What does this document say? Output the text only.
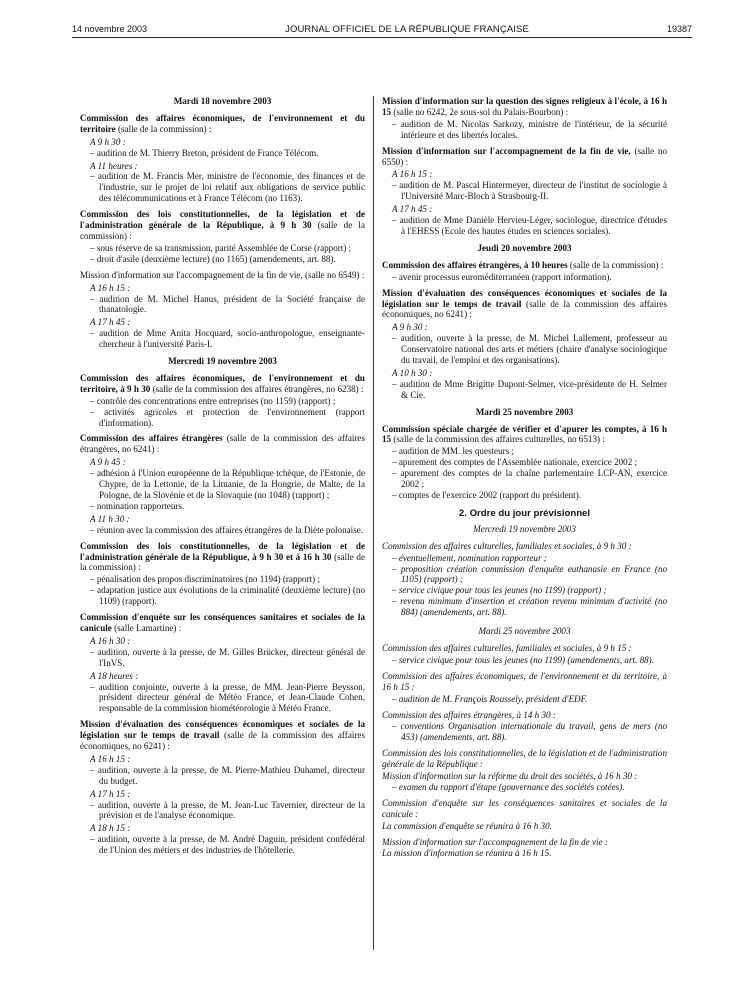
14 novembre 2003	JOURNAL OFFICIEL DE LA RÉPUBLIQUE FRANÇAISE	19387

Mardi 18 novembre 2003

Commission des affaires économiques, de l'environnement et du territoire (salle de la commission) :

A 9 h 30 :

– audition de M. Thierry Breton, président de France Télécom.

A 11 heures :

– audition de M. Francis Mer, ministre de l'économie, des finances et de l'industrie, sur le projet de loi relatif aux obligations de service public des télécommunications et à France Télécom (no 1163).

Commission des lois constitutionnelles, de la législation et de l'administration générale de la République, à 9 h 30 (salle de la commission) :

– sous réserve de sa transmission, parité Assemblée de Corse (rapport) ;

– droit d'asile (deuxième lecture) (no 1165) (amendements, art. 88).

Mission d'information sur l'accompagnement de la fin de vie, (salle no 6549) :

A 16 h 15 :

– audition de M. Michel Hanus, président de la Société française de thanatologie.

A 17 h 45 :

– audition de Mme Anita Hocquard, socio-anthropologue, enseignante-chercheur à l'université Paris-I.

Mercredi 19 novembre 2003

Commission des affaires économiques, de l'environnement et du territoire, à 9 h 30 (salle de la commission des affaires étrangères, no 6238) :

– contrôle des concentrations entre entreprises (no 1159) (rapport) ;

– activités agricoles et protection de l'environnement (rapport d'information).

Commission des affaires étrangères (salle de la commission des affaires étrangères, no 6241) :

A 9 h 45 :

– adhésion à l'Union européenne de la République tchèque, de l'Estonie, de Chypre, de la Lettonie, de la Lituanie, de la Hongrie, de Malte, de la Pologne, de la Slovénie et de la Slovaquie (no 1048) (rapport) ;

– nomination rapporteurs.

A 11 h 30 :

– réunion avec la commission des affaires étrangères de la Diète polonaise.

Commission des lois constitutionnelles, de la législation et de l'administration générale de la République, à 9 h 30 et à 16 h 30 (salle de la commission) :

– pénalisation des propos discriminatoires (no 1194) (rapport) ;

– adaptation justice aux évolutions de la criminalité (deuxième lecture) (no 1109) (rapport).

Commission d'enquête sur les conséquences sanitaires et sociales de la canicule (salle Lamartine) :

A 16 h 30 :

– audition, ouverte à la presse, de M. Gilles Brücker, directeur général de l'InVS.

A 18 heures :

– audition conjointe, ouverte à la presse, de MM. Jean-Pierre Beysson, président directeur général de Météo France, et Jean-Claude Cohen, responsable de la commission biométéorologie à Météo France.

Mission d'évaluation des conséquences économiques et sociales de la législation sur le temps de travail (salle de la commission des affaires économiques, no 6241) :

A 16 h 15 :

– audition, ouverte à la presse, de M. Pierre-Mathieu Duhamel, directeur du budget.

A 17 h 15 :

– audition, ouverte à la presse, de M. Jean-Luc Tavernier, directeur de la prévision et de l'analyse économique.

A 18 h 15 :

– audition, ouverte à la presse, de M. André Daguin, président confédéral de l'Union des métiers et des industries de l'hôtellerie.

Mission d'information sur la question des signes religieux à l'école, à 16 h 15 (salle no 6242, 2e sous-sol du Palais-Bourbon) :

– audition de M. Nicolas Sarkozy, ministre de l'intérieur, de la sécurité intérieure et des libertés locales.

Mission d'information sur l'accompagnement de la fin de vie, (salle no 6550) :

A 16 h 15 :

– audition de M. Pascal Hintermeyer, directeur de l'institut de sociologie à l'Université Marc-Bloch à Strasbourg-II.

A 17 h 45 :

– audition de Mme Danièle Hervieu-Léger, sociologue, directrice d'études à l'EHESS (Ecole des hautes études en sciences sociales).

Jeudi 20 novembre 2003

Commission des affaires étrangères, à 10 heures (salle de la commission) :

– avenir processus euroméditerranéen (rapport information).

Mission d'évaluation des conséquences économiques et sociales de la législation sur le temps de travail (salle de la commission des affaires économiques, no 6241) :

A 9 h 30 :

– audition, ouverte à la presse, de M. Michel Lallement, professeur au Conservatoire national des arts et métiers (chaire d'analyse sociologique du travail, de l'emploi et des organisations).

A 10 h 30 :

– audition de Mme Brigitte Dupont-Selmer, vice-présidente de H. Selmer & Cie.

Mardi 25 novembre 2003

Commission spéciale chargée de vérifier et d'apurer les comptes, à 16 h 15 (salle de la commission des affaires culturelles, no 6513) :

– audition de MM. les questeurs ;

– apurement des comptes de l'Assemblée nationale, exercice 2002 ;

– apurement des comptes de la chaîne parlementaire LCP-AN, exercice 2002 ;

– comptes de l'exercice 2002 (rapport du président).

2. Ordre du jour prévisionnel

Mercredi 19 novembre 2003

Commission des affaires culturelles, familiales et sociales, à 9 h 30 :

– éventuellement, nomination rapporteur ;

– proposition création commission d'enquête euthanasie en France (no 1105) (rapport) ;

– service civique pour tous les jeunes (no 1199) (rapport) ;

– revenu minimum d'insertion et création revenu minimum d'activité (no 884) (amendements, art. 88).

Mardi 25 novembre 2003

Commission des affaires culturelles, familiales et sociales, à 9 h 15 :

– service civique pour tous les jeunes (no 1199) (amendements, art. 88).

Commission des affaires économiques, de l'environnement et du territoire, à 16 h 15 :

– audition de M. François Roussely, président d'EDF.

Commission des affaires étrangères, à 14 h 30 :

– conventions Organisation internationale du travail, gens de mers (no 453) (amendements, art. 88).

Commission des lois constitutionnelles, de la législation et de l'administration générale de la République :

Mission d'information sur la réforme du droit des sociétés, à 16 h 30 :

– examen du rapport d'étape (gouvernance des sociétés cotées).

Commission d'enquête sur les conséquences sanitaires et sociales de la canicule :

La commission d'enquête se réunira à 16 h 30.

Mission d'information sur l'accompagnement de la fin de vie :

La mission d'information se réunira à 16 h 15.
